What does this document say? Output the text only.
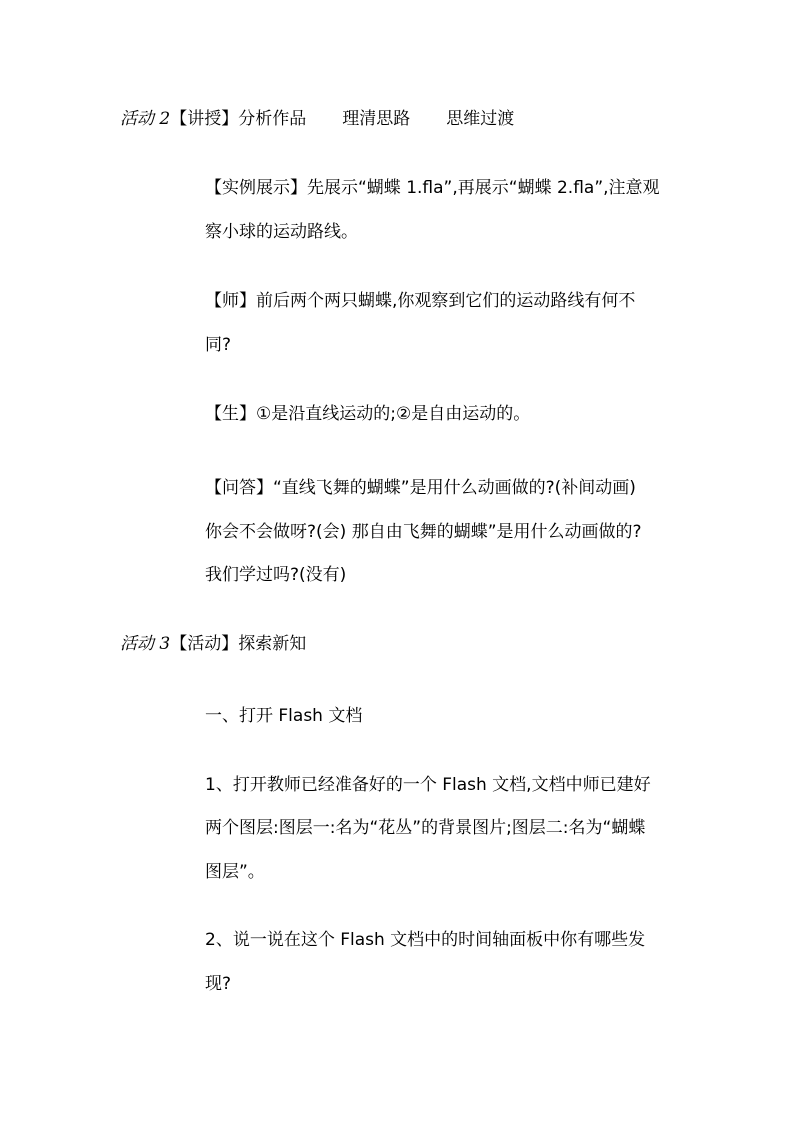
活动 2【讲授】分析作品 理清思路 思维过渡
【实例展示】先展示“蝴蝶 1.fla”,再展示“蝴蝶 2.fla”,注意观
察小球的运动路线。
【师】前后两个两只蝴蝶,你观察到它们的运动路线有何不
同?
【生】①是沿直线运动的;②是自由运动的。
【问答】“直线飞舞的蝴蝶”是用什么动画做的?(补间动画)
你会不会做呀?(会) 那自由飞舞的蝴蝶”是用什么动画做的?
我们学过吗?(没有)
活动 3【活动】探索新知
一、打开 Flash 文档
1、打开教师已经准备好的一个 Flash 文档,文档中师已建好
两个图层:图层一:名为“花丛”的背景图片;图层二:名为“蝴蝶
图层”。
2、说一说在这个 Flash 文档中的时间轴面板中你有哪些发
现?
